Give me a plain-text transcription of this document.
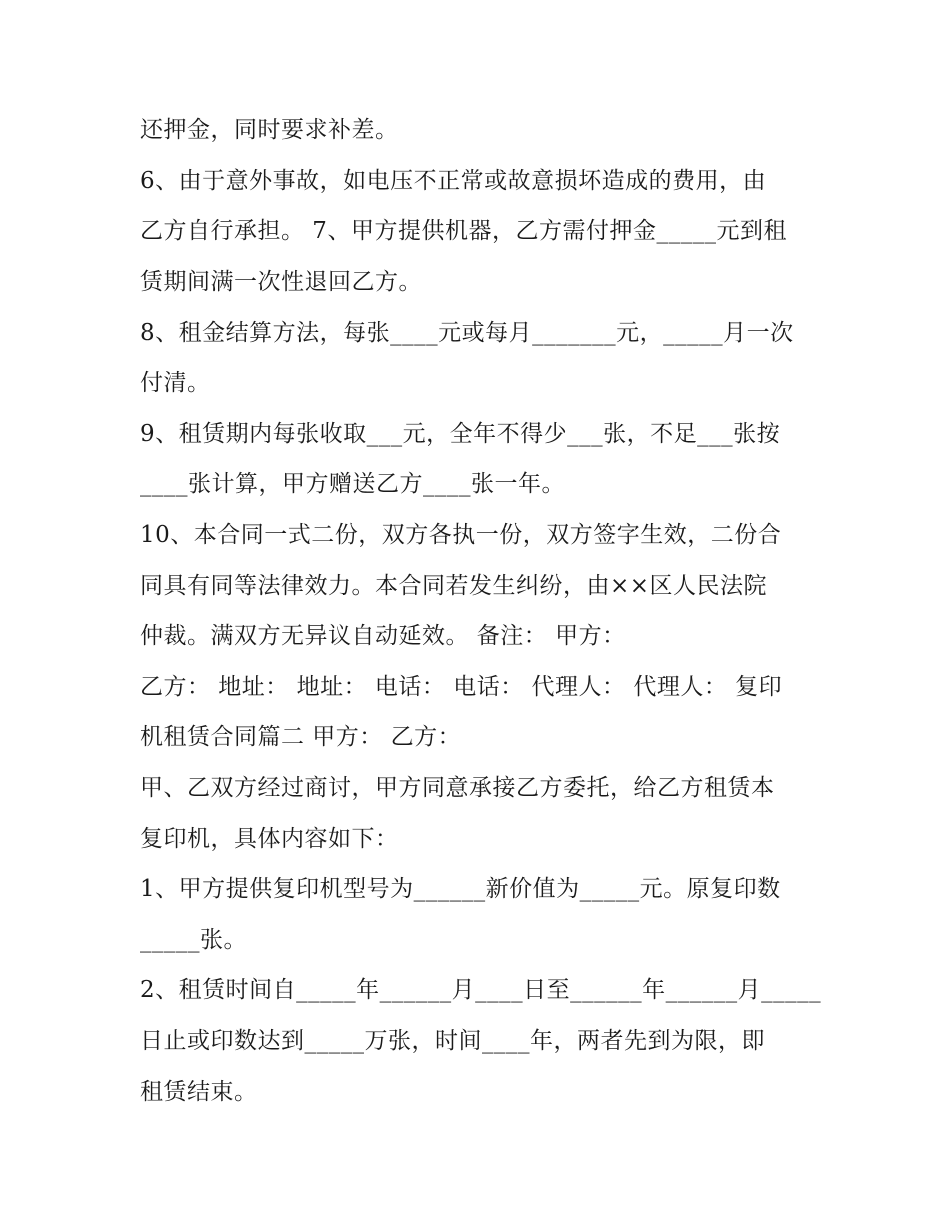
还押金，同时要求补差。
6、由于意外事故，如电压不正常或故意损坏造成的费用，由
乙方自行承担。 7、甲方提供机器，乙方需付押金_____元到租
赁期间满一次性退回乙方。
8、租金结算方法，每张____元或每月_______元，_____月一次
付清。
9、租赁期内每张收取___元，全年不得少___张，不足___张按
____张计算，甲方赠送乙方____张一年。
10、本合同一式二份，双方各执一份，双方签字生效，二份合
同具有同等法律效力。本合同若发生纠纷，由××区人民法院
仲裁。满双方无异议自动延效。 备注： 甲方：
乙方： 地址： 地址： 电话： 电话： 代理人： 代理人： 复印
机租赁合同篇二 甲方： 乙方：
甲、乙双方经过商讨，甲方同意承接乙方委托，给乙方租赁本
复印机，具体内容如下：
1、甲方提供复印机型号为______新价值为_____元。原复印数
_____张。
2、租赁时间自_____年______月____日至______年______月_____
日止或印数达到_____万张，时间____年，两者先到为限，即
租赁结束。
